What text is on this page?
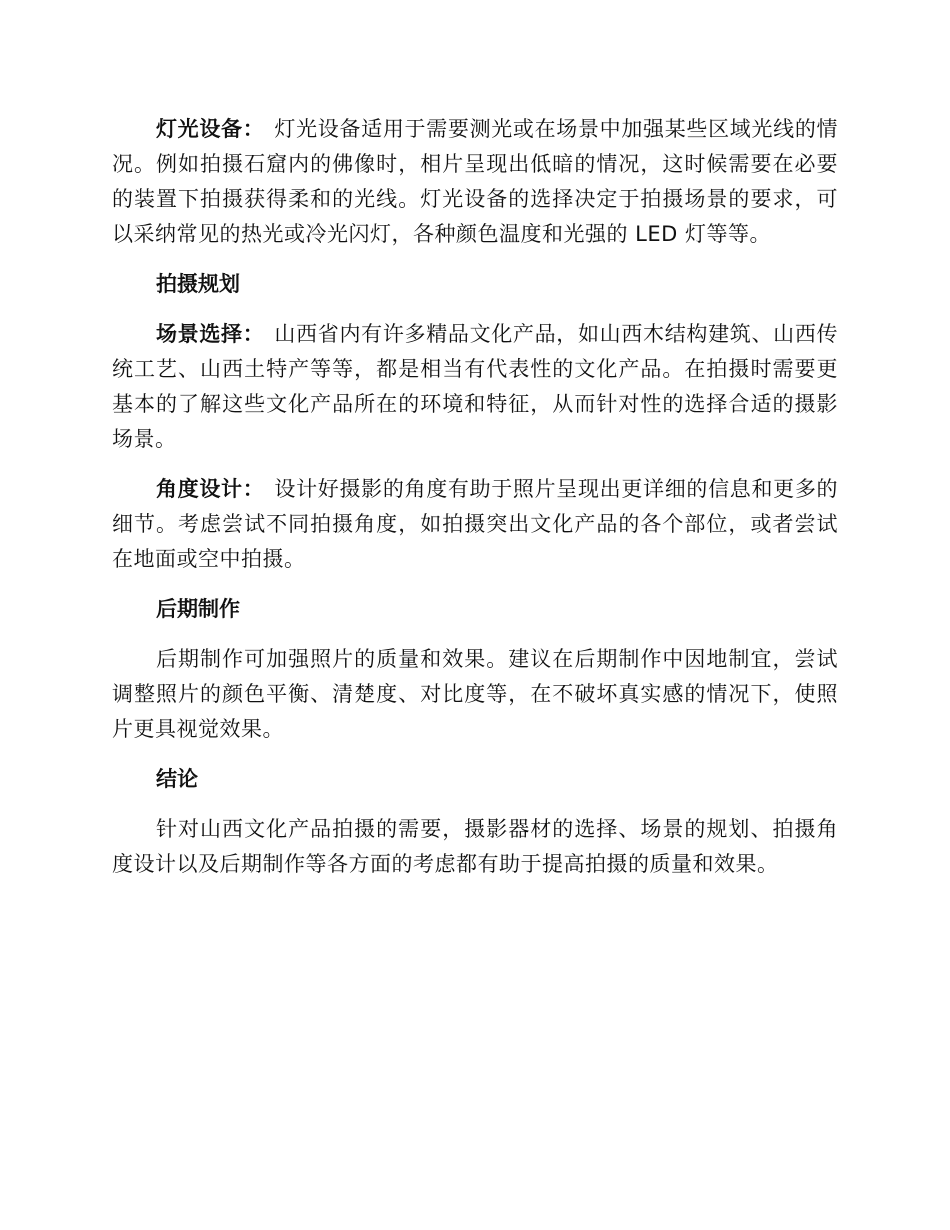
灯光设备： 灯光设备适用于需要测光或在场景中加强某些区域光线的情况。例如拍摄石窟内的佛像时，相片呈现出低暗的情况，这时候需要在必要的装置下拍摄获得柔和的光线。灯光设备的选择决定于拍摄场景的要求，可以采纳常见的热光或冷光闪灯，各种颜色温度和光强的 LED 灯等等。

拍摄规划

场景选择： 山西省内有许多精品文化产品，如山西木结构建筑、山西传统工艺、山西土特产等等，都是相当有代表性的文化产品。在拍摄时需要更基本的了解这些文化产品所在的环境和特征，从而针对性的选择合适的摄影场景。

角度设计： 设计好摄影的角度有助于照片呈现出更详细的信息和更多的细节。考虑尝试不同拍摄角度，如拍摄突出文化产品的各个部位，或者尝试在地面或空中拍摄。

后期制作

后期制作可加强照片的质量和效果。建议在后期制作中因地制宜，尝试调整照片的颜色平衡、清楚度、对比度等，在不破坏真实感的情况下，使照片更具视觉效果。

结论

针对山西文化产品拍摄的需要，摄影器材的选择、场景的规划、拍摄角度设计以及后期制作等各方面的考虑都有助于提高拍摄的质量和效果。
